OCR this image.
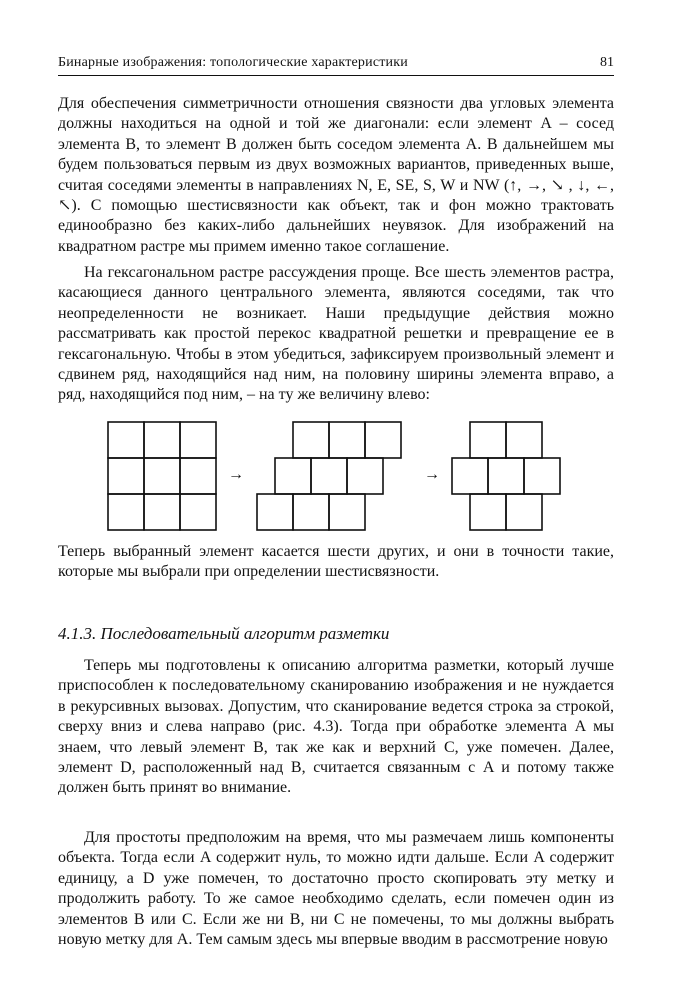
Бинарные изображения: топологические характеристики	81

Для обеспечения симметричности отношения связности два угловых элемента должны находиться на одной и той же диагонали: если элемент A – сосед элемента B, то элемент B должен быть соседом элемента A. В дальнейшем мы будем пользоваться первым из двух возможных вариантов, приведенных выше, считая соседями элементы в направлениях N, E, SE, S, W и NW (↑, →, ↘ , ↓, ←, ↖). С помощью шестисвязности как объект, так и фон можно трактовать единообразно без каких-либо дальнейших неувязок. Для изображений на квадратном растре мы примем именно такое соглашение.

На гексагональном растре рассуждения проще. Все шесть элементов растра, касающиеся данного центрального элемента, являются соседями, так что неопределенности не возникает. Наши предыдущие действия можно рассматривать как простой перекос квадратной решетки и превращение ее в гексагональную. Чтобы в этом убедиться, зафиксируем произвольный элемент и сдвинем ряд, находящийся над ним, на половину ширины элемента вправо, а ряд, находящийся под ним, – на ту же величину влево:

→	→

Теперь выбранный элемент касается шести других, и они в точности такие, которые мы выбрали при определении шестисвязности.

4.1.3. Последовательный алгоритм разметки

Теперь мы подготовлены к описанию алгоритма разметки, который лучше приспособлен к последовательному сканированию изображения и не нуждается в рекурсивных вызовах. Допустим, что сканирование ведется строка за строкой, сверху вниз и слева направо (рис. 4.3). Тогда при обработке элемента A мы знаем, что левый элемент B, так же как и верхний C, уже помечен. Далее, элемент D, расположенный над B, считается связанным с A и потому также должен быть принят во внимание.

Для простоты предположим на время, что мы размечаем лишь компоненты объекта. Тогда если A содержит нуль, то можно идти дальше. Если A содержит единицу, а D уже помечен, то достаточно просто скопировать эту метку и продолжить работу. То же самое необходимо сделать, если помечен один из элементов B или C. Если же ни B, ни C не помечены, то мы должны выбрать новую метку для A. Тем самым здесь мы впервые вводим в рассмотрение новую
